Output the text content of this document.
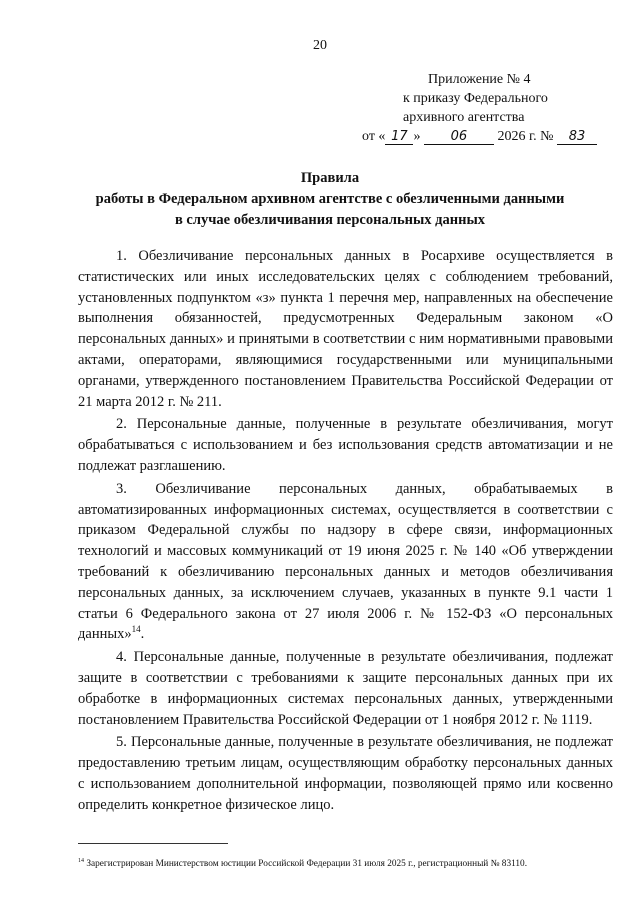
20
Приложение № 4
к приказу Федерального
архивного агентства
от « 17 » 06 2026 г. № 83
Правила
работы в Федеральном архивном агентстве с обезличенными данными
в случае обезличивания персональных данных

1. Обезличивание персональных данных в Росархиве осуществляется в статистических или иных исследовательских целях с соблюдением требований, установленных подпунктом «з» пункта 1 перечня мер, направленных на обеспечение выполнения обязанностей, предусмотренных Федеральным законом «О персональных данных» и принятыми в соответствии с ним нормативными правовыми актами, операторами, являющимися государственными или муниципальными органами, утвержденного постановлением Правительства Российской Федерации от 21 марта 2012 г. № 211.

2. Персональные данные, полученные в результате обезличивания, могут обрабатываться с использованием и без использования средств автоматизации и не подлежат разглашению.

3. Обезличивание персональных данных, обрабатываемых в автоматизированных информационных системах, осуществляется в соответствии с приказом Федеральной службы по надзору в сфере связи, информационных технологий и массовых коммуникаций от 19 июня 2025 г. № 140 «Об утверждении требований к обезличиванию персональных данных и методов обезличивания персональных данных, за исключением случаев, указанных в пункте 9.1 части 1 статьи 6 Федерального закона от 27 июля 2006 г. № 152-ФЗ «О персональных данных»$^{14}$.

4. Персональные данные, полученные в результате обезличивания, подлежат защите в соответствии с требованиями к защите персональных данных при их обработке в информационных системах персональных данных, утвержденными постановлением Правительства Российской Федерации от 1 ноября 2012 г. № 1119.

5. Персональные данные, полученные в результате обезличивания, не подлежат предоставлению третьим лицам, осуществляющим обработку персональных данных с использованием дополнительной информации, позволяющей прямо или косвенно определить конкретное физическое лицо.

$^{14}$ Зарегистрирован Министерством юстиции Российской Федерации 31 июля 2025 г., регистрационный № 83110.
